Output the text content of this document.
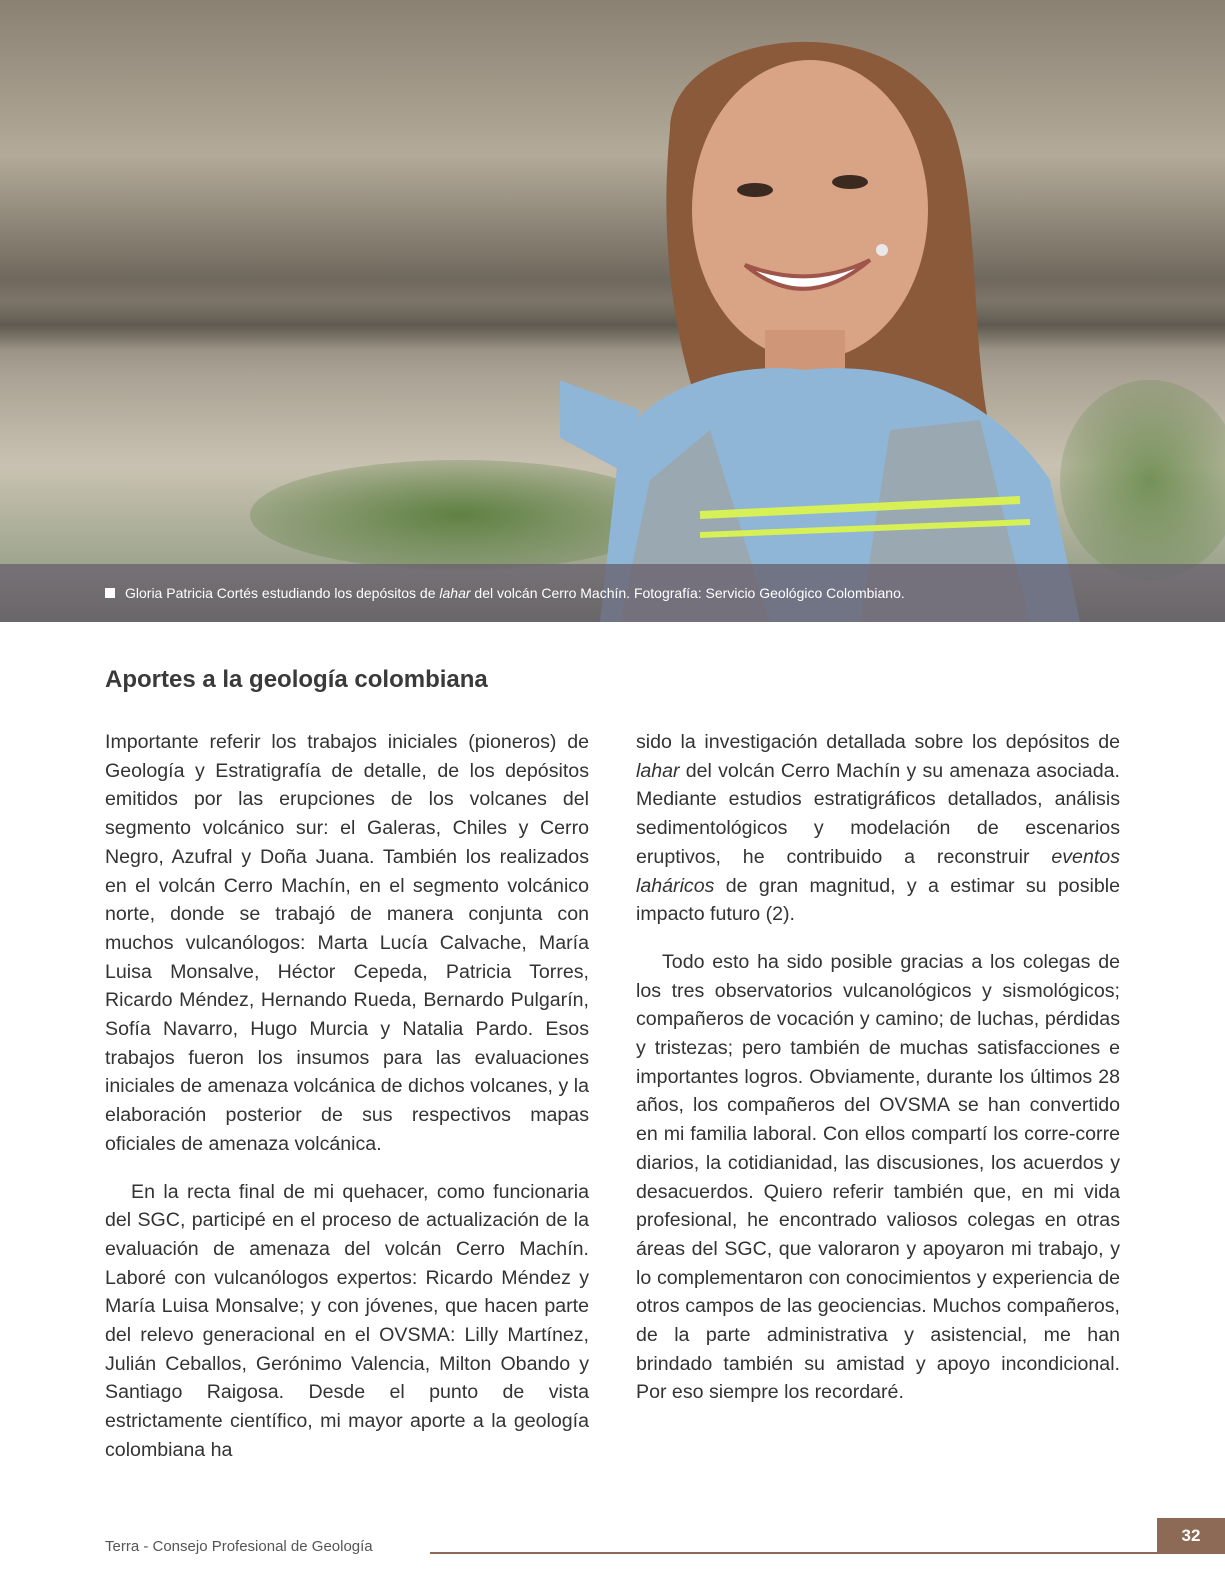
Gloria Patricia Cortés estudiando los depósitos de lahar del volcán Cerro Machín. Fotografía: Servicio Geológico Colombiano.
Aportes a la geología colombiana

Importante referir los trabajos iniciales (pioneros) de Geología y Estratigrafía de detalle, de los depósitos emitidos por las erupciones de los volcanes del segmento volcánico sur: el Galeras, Chiles y Cerro Negro, Azufral y Doña Juana. También los realizados en el volcán Cerro Machín, en el segmento volcánico norte, donde se trabajó de manera conjunta con muchos vulcanólogos: Marta Lucía Calvache, María Luisa Monsalve, Héctor Cepeda, Patricia Torres, Ricardo Méndez, Hernando Rueda, Bernardo Pulgarín, Sofía Navarro, Hugo Murcia y Natalia Pardo. Esos trabajos fueron los insumos para las evaluaciones iniciales de amenaza volcánica de dichos volcanes, y la elaboración posterior de sus respectivos mapas oficiales de amenaza volcánica.

En la recta final de mi quehacer, como funcionaria del SGC, participé en el proceso de actualización de la evaluación de amenaza del volcán Cerro Machín. Laboré con vulcanólogos expertos: Ricardo Méndez y María Luisa Monsalve; y con jóvenes, que hacen parte del relevo generacional en el OVSMA: Lilly Martínez, Julián Ceballos, Gerónimo Valencia, Milton Obando y Santiago Raigosa. Desde el punto de vista estrictamente científico, mi mayor aporte a la geología colombiana ha

sido la investigación detallada sobre los depósitos de lahar del volcán Cerro Machín y su amenaza asociada. Mediante estudios estratigráficos detallados, análisis sedimentológicos y modelación de escenarios eruptivos, he contribuido a reconstruir eventos laháricos de gran magnitud, y a estimar su posible impacto futuro (2).

Todo esto ha sido posible gracias a los colegas de los tres observatorios vulcanológicos y sismológicos; compañeros de vocación y camino; de luchas, pérdidas y tristezas; pero también de muchas satisfacciones e importantes logros. Obviamente, durante los últimos 28 años, los compañeros del OVSMA se han convertido en mi familia laboral. Con ellos compartí los corre-corre diarios, la cotidianidad, las discusiones, los acuerdos y desacuerdos. Quiero referir también que, en mi vida profesional, he encontrado valiosos colegas en otras áreas del SGC, que valoraron y apoyaron mi trabajo, y lo complementaron con conocimientos y experiencia de otros campos de las geociencias. Muchos compañeros, de la parte administrativa y asistencial, me han brindado también su amistad y apoyo incondicional. Por eso siempre los recordaré.

Terra - Consejo Profesional de Geología
32
